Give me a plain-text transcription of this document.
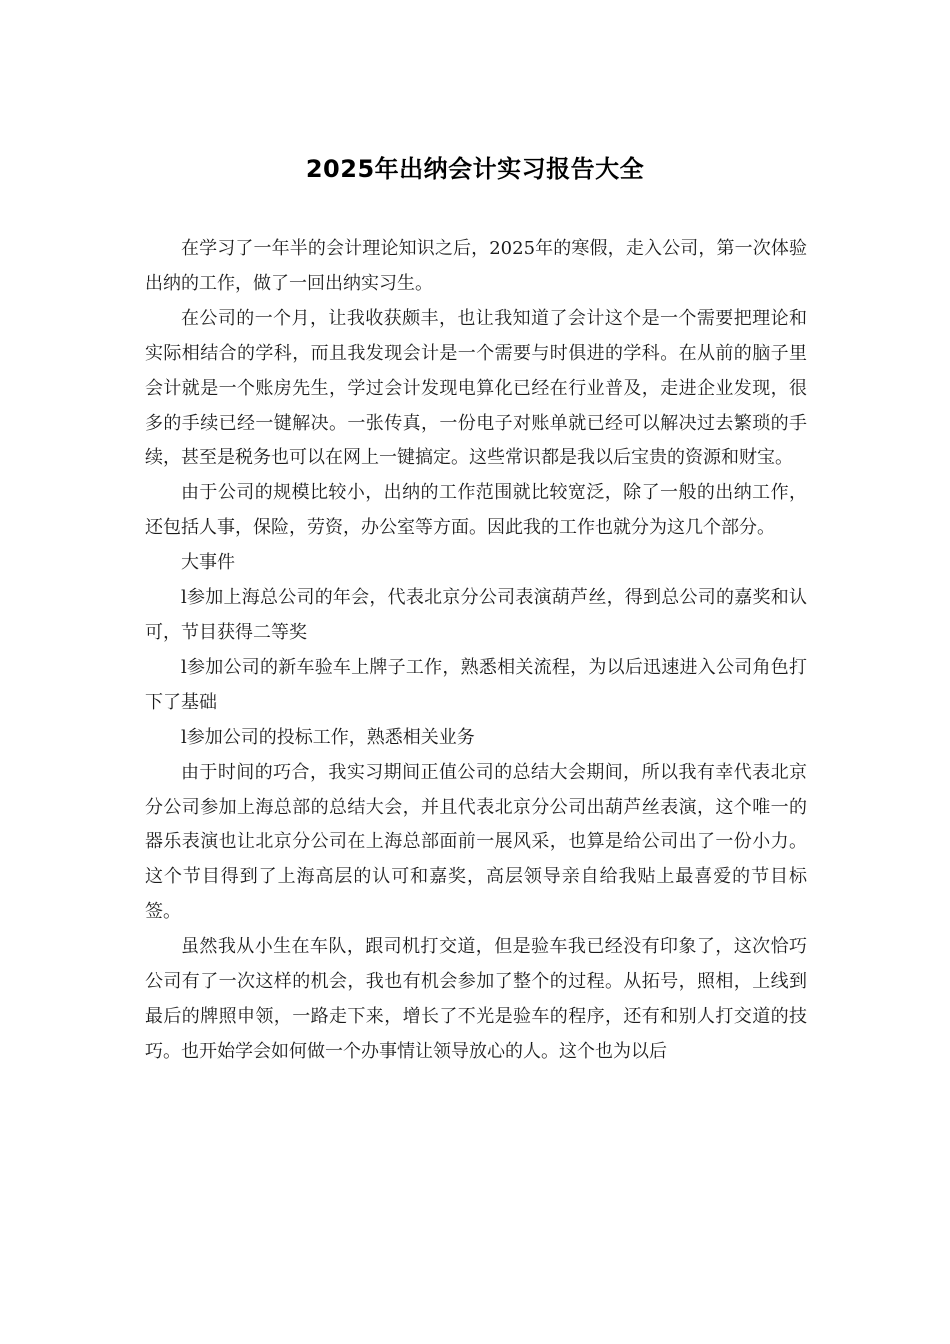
2025年出纳会计实习报告大全

在学习了一年半的会计理论知识之后，2025年的寒假，走入公司，第一次体验出纳的工作，做了一回出纳实习生。

在公司的一个月，让我收获颇丰，也让我知道了会计这个是一个需要把理论和实际相结合的学科，而且我发现会计是一个需要与时俱进的学科。在从前的脑子里会计就是一个账房先生，学过会计发现电算化已经在行业普及，走进企业发现，很多的手续已经一键解决。一张传真，一份电子对账单就已经可以解决过去繁琐的手续，甚至是税务也可以在网上一键搞定。这些常识都是我以后宝贵的资源和财宝。

由于公司的规模比较小，出纳的工作范围就比较宽泛，除了一般的出纳工作，还包括人事，保险，劳资，办公室等方面。因此我的工作也就分为这几个部分。

大事件

l参加上海总公司的年会，代表北京分公司表演葫芦丝，得到总公司的嘉奖和认可，节目获得二等奖

l参加公司的新车验车上牌子工作，熟悉相关流程，为以后迅速进入公司角色打下了基础

l参加公司的投标工作，熟悉相关业务

由于时间的巧合，我实习期间正值公司的总结大会期间，所以我有幸代表北京分公司参加上海总部的总结大会，并且代表北京分公司出葫芦丝表演，这个唯一的器乐表演也让北京分公司在上海总部面前一展风采，也算是给公司出了一份小力。这个节目得到了上海高层的认可和嘉奖，高层领导亲自给我贴上最喜爱的节目标签。

虽然我从小生在车队，跟司机打交道，但是验车我已经没有印象了，这次恰巧公司有了一次这样的机会，我也有机会参加了整个的过程。从拓号，照相，上线到最后的牌照申领，一路走下来，增长了不光是验车的程序，还有和别人打交道的技巧。也开始学会如何做一个办事情让领导放心的人。这个也为以后
